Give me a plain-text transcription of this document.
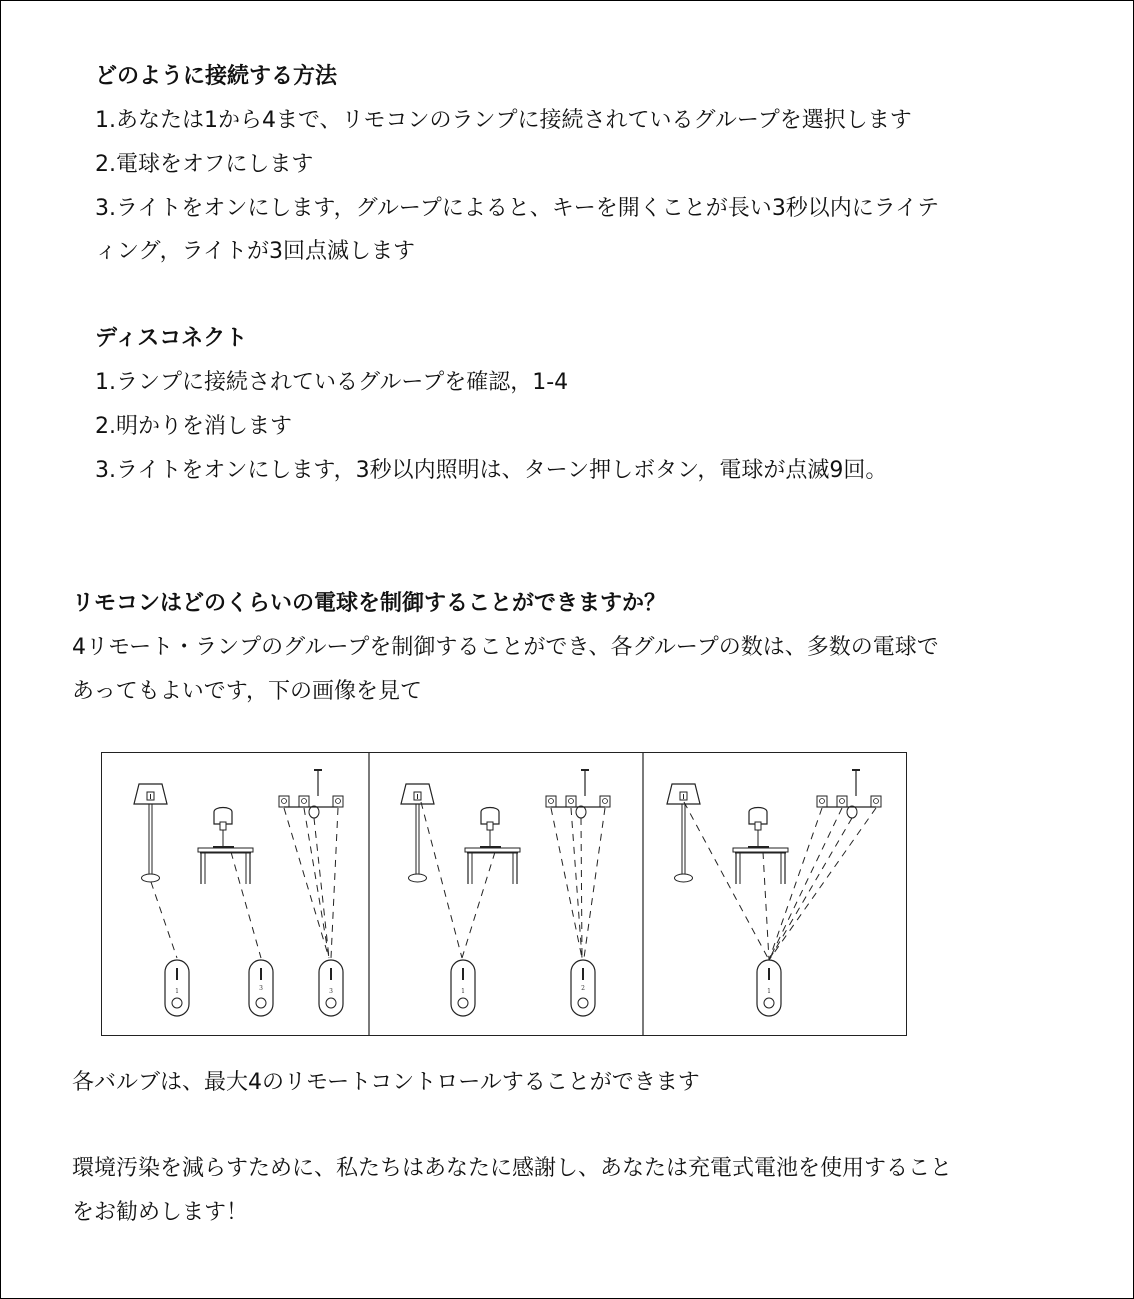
どのように接続する方法
1.あなたは1から4まで、リモコンのランプに接続されているグループを選択します
2.電球をオフにします
3.ライトをオンにします，グループによると、キーを開くことが長い3秒以内にライテ
ィング，ライトが3回点滅します
ディスコネクト
1.ランプに接続されているグループを確認，1-4
2.明かりを消します
3.ライトをオンにします，3秒以内照明は、ターン押しボタン，電球が点滅9回。
リモコンはどのくらいの電球を制御することができますか？
4リモート・ランプのグループを制御することができ、各グループの数は、多数の電球で
あってもよいです，下の画像を見て
1	3	3	1	2	1
各バルブは、最大4のリモートコントロールすることができます
環境汚染を減らすために、私たちはあなたに感謝し、あなたは充電式電池を使用すること
をお勧めします！
